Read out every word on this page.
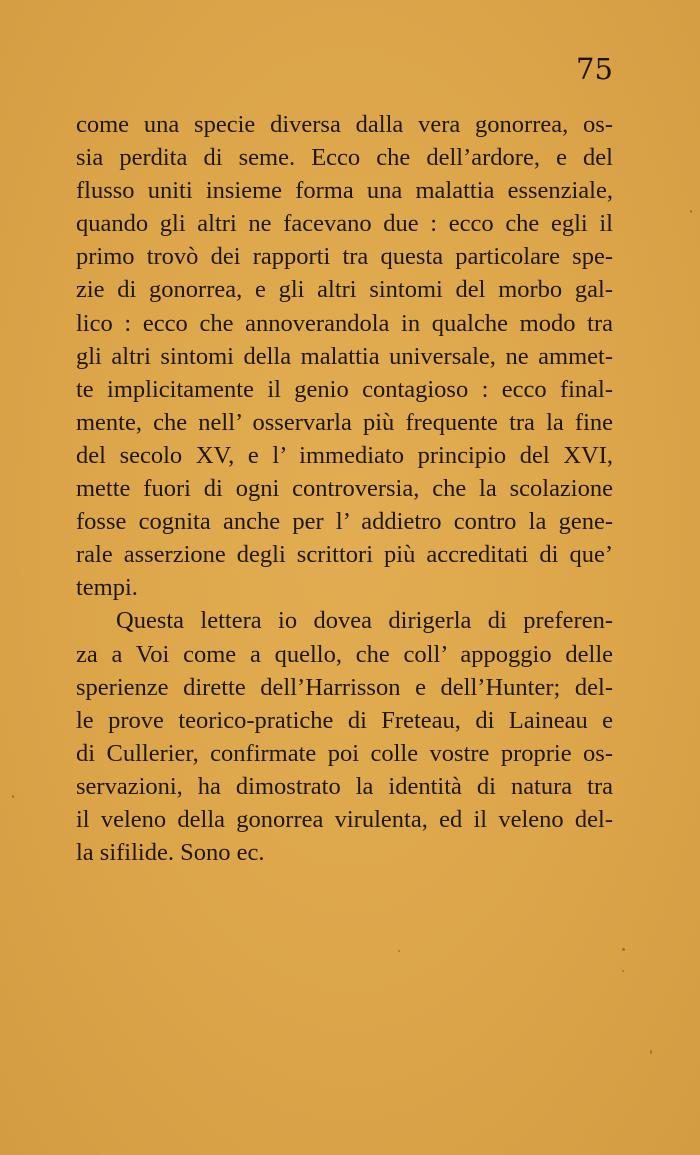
75
come una specie diversa dalla vera gonorrea, os-
sia perdita di seme. Ecco che dell’ardore, e del
flusso uniti insieme forma una malattia essenziale,
quando gli altri ne facevano due : ecco che egli il
primo trovò dei rapporti tra questa particolare spe-
zie di gonorrea, e gli altri sintomi del morbo gal-
lico : ecco che annoverandola in qualche modo tra
gli altri sintomi della malattia universale, ne ammet-
te implicitamente il genio contagioso : ecco final-
mente, che nell’ osservarla più frequente tra la fine
del secolo XV, e l’ immediato principio del XVI,
mette fuori di ogni controversia, che la scolazione
fosse cognita anche per l’ addietro contro la gene-
rale asserzione degli scrittori più accreditati di que’
tempi.
Questa lettera io dovea dirigerla di preferen-
za a Voi come a quello, che coll’ appoggio delle
sperienze dirette dell’Harrisson e dell’Hunter; del-
le prove teorico-pratiche di Freteau, di Laineau e
di Cullerier, confirmate poi colle vostre proprie os-
servazioni, ha dimostrato la identità di natura tra
il veleno della gonorrea virulenta, ed il veleno del-
la sifilide. Sono ec.
